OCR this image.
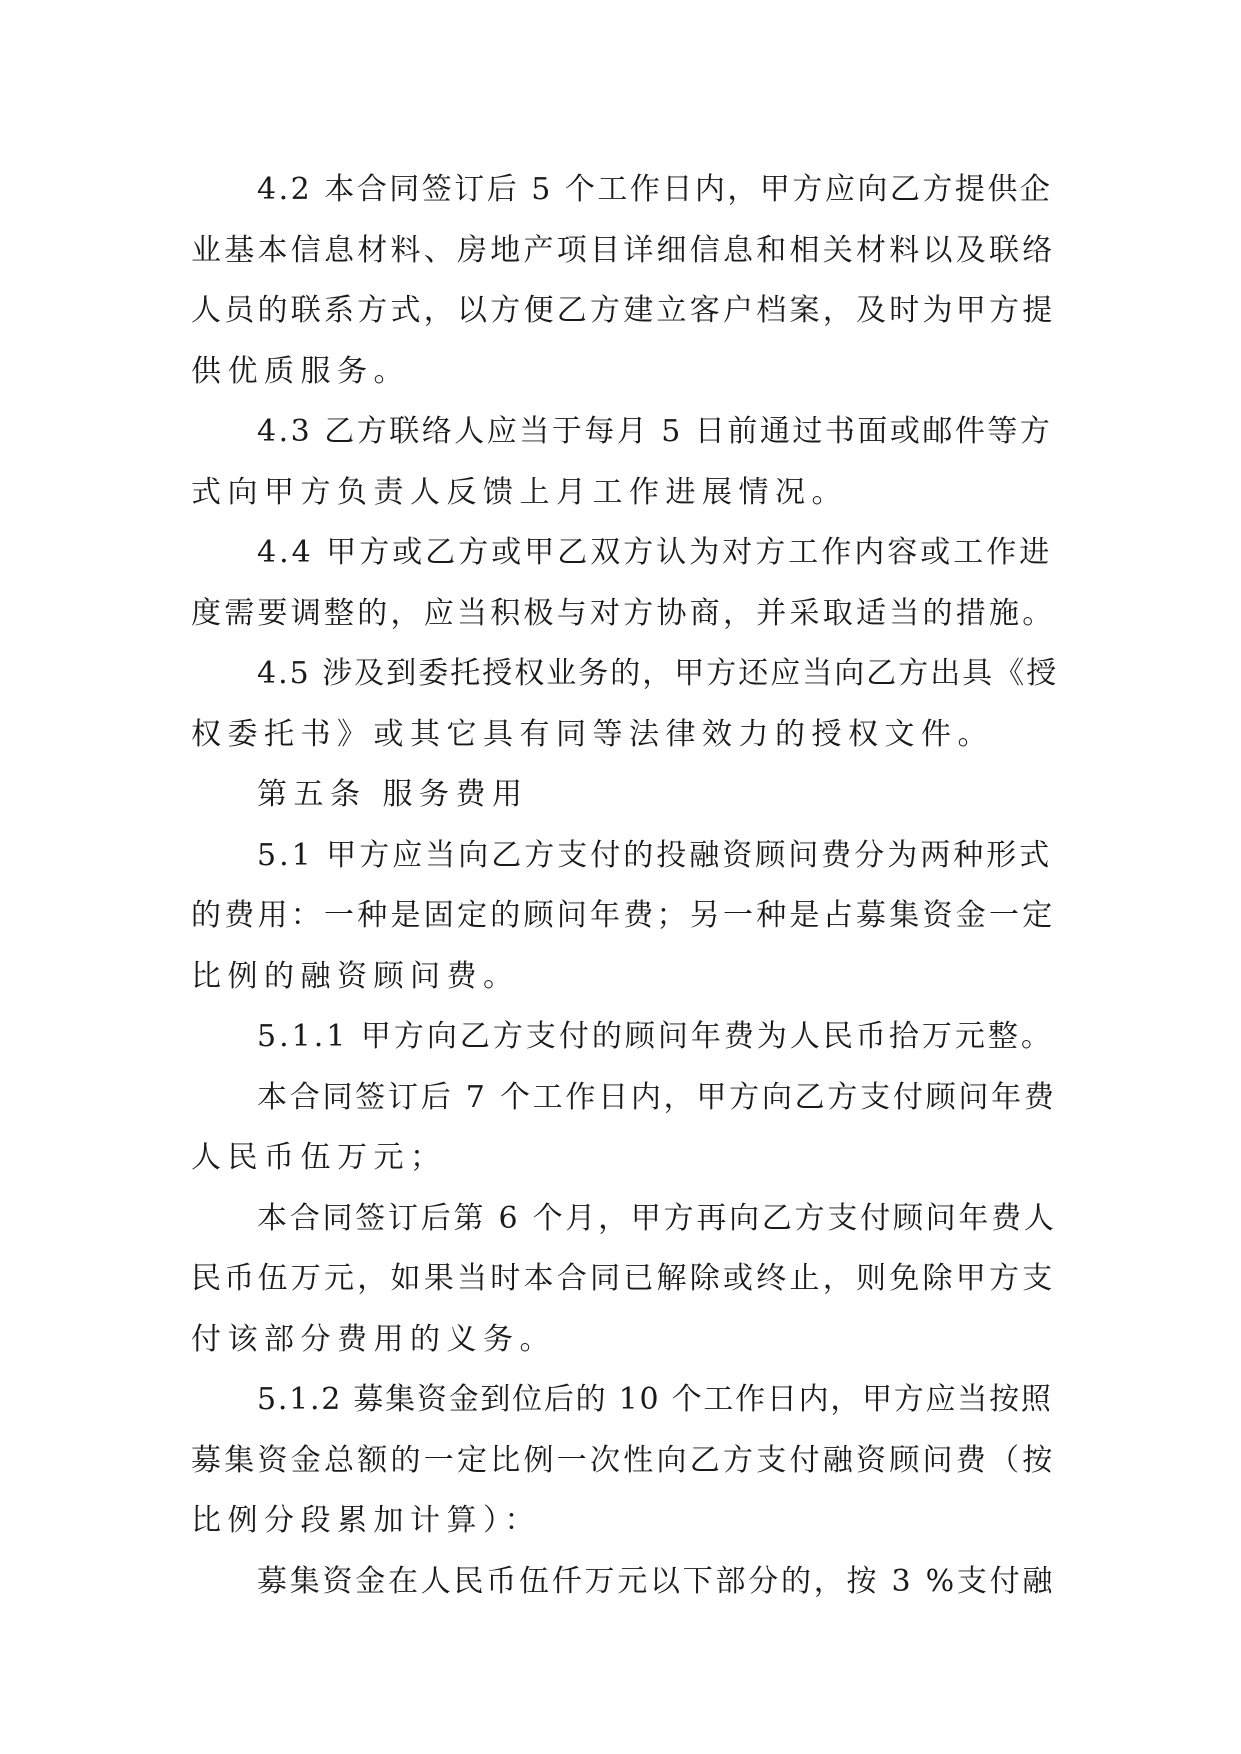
4.2 本合同签订后 5 个工作日内，甲方应向乙方提供企
业基本信息材料、房地产项目详细信息和相关材料以及联络
人员的联系方式，以方便乙方建立客户档案，及时为甲方提
供优质服务。
4.3 乙方联络人应当于每月 5 日前通过书面或邮件等方
式向甲方负责人反馈上月工作进展情况。
4.4 甲方或乙方或甲乙双方认为对方工作内容或工作进
度需要调整的，应当积极与对方协商，并采取适当的措施。
4.5 涉及到委托授权业务的，甲方还应当向乙方出具《授
权委托书》或其它具有同等法律效力的授权文件。
第五条 服务费用
5.1 甲方应当向乙方支付的投融资顾问费分为两种形式
的费用：一种是固定的顾问年费；另一种是占募集资金一定
比例的融资顾问费。
5.1.1 甲方向乙方支付的顾问年费为人民币拾万元整。
本合同签订后 7 个工作日内，甲方向乙方支付顾问年费
人民币伍万元；
本合同签订后第 6 个月，甲方再向乙方支付顾问年费人
民币伍万元，如果当时本合同已解除或终止，则免除甲方支
付该部分费用的义务。
5.1.2 募集资金到位后的 10 个工作日内，甲方应当按照
募集资金总额的一定比例一次性向乙方支付融资顾问费（按
比例分段累加计算）：
募集资金在人民币伍仟万元以下部分的，按 3 %支付融
